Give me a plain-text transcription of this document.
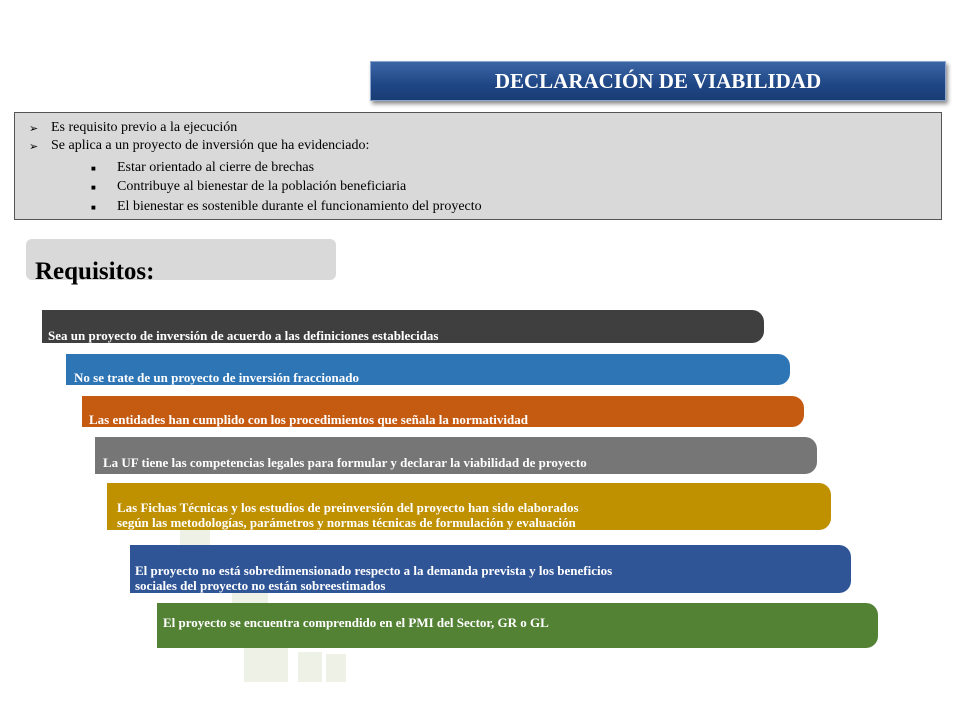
DECLARACIÓN DE VIABILIDAD
➢ Es requisito previo a la ejecución
➢ Se aplica a un proyecto de inversión que ha evidenciado:
■	Estar orientado al cierre de brechas
■	Contribuye al bienestar de la población beneficiaria
■	El bienestar es sostenible durante el funcionamiento del proyecto
Requisitos:
Sea un proyecto de inversión de acuerdo a las definiciones establecidas
No se trate de un proyecto de inversión fraccionado
Las entidades han cumplido con los procedimientos que señala la normatividad
La UF tiene las competencias legales para formular y declarar la viabilidad de proyecto
Las Fichas Técnicas y los estudios de preinversión del proyecto han sido elaborados
según las metodologías, parámetros y normas técnicas de formulación y evaluación
El proyecto no está sobredimensionado respecto a la demanda prevista y los beneficios
sociales del proyecto no están sobreestimados
El proyecto se encuentra comprendido en el PMI del Sector, GR o GL
